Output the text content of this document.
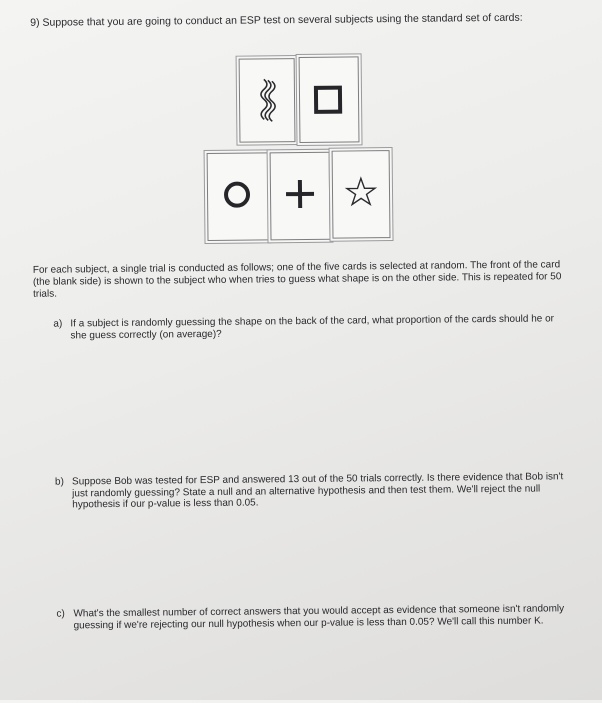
9) Suppose that you are going to conduct an ESP test on several subjects using the standard set of cards:
For each subject, a single trial is conducted as follows; one of the five cards is selected at random. The front of the card (the blank side) is shown to the subject who when tries to guess what shape is on the other side. This is repeated for 50 trials.
a) If a subject is randomly guessing the shape on the back of the card, what proportion of the cards should he or she guess correctly (on average)?
b) Suppose Bob was tested for ESP and answered 13 out of the 50 trials correctly. Is there evidence that Bob isn't just randomly guessing? State a null and an alternative hypothesis and then test them. We'll reject the null hypothesis if our p-value is less than 0.05.
c) What's the smallest number of correct answers that you would accept as evidence that someone isn't randomly guessing if we're rejecting our null hypothesis when our p-value is less than 0.05? We'll call this number K.
